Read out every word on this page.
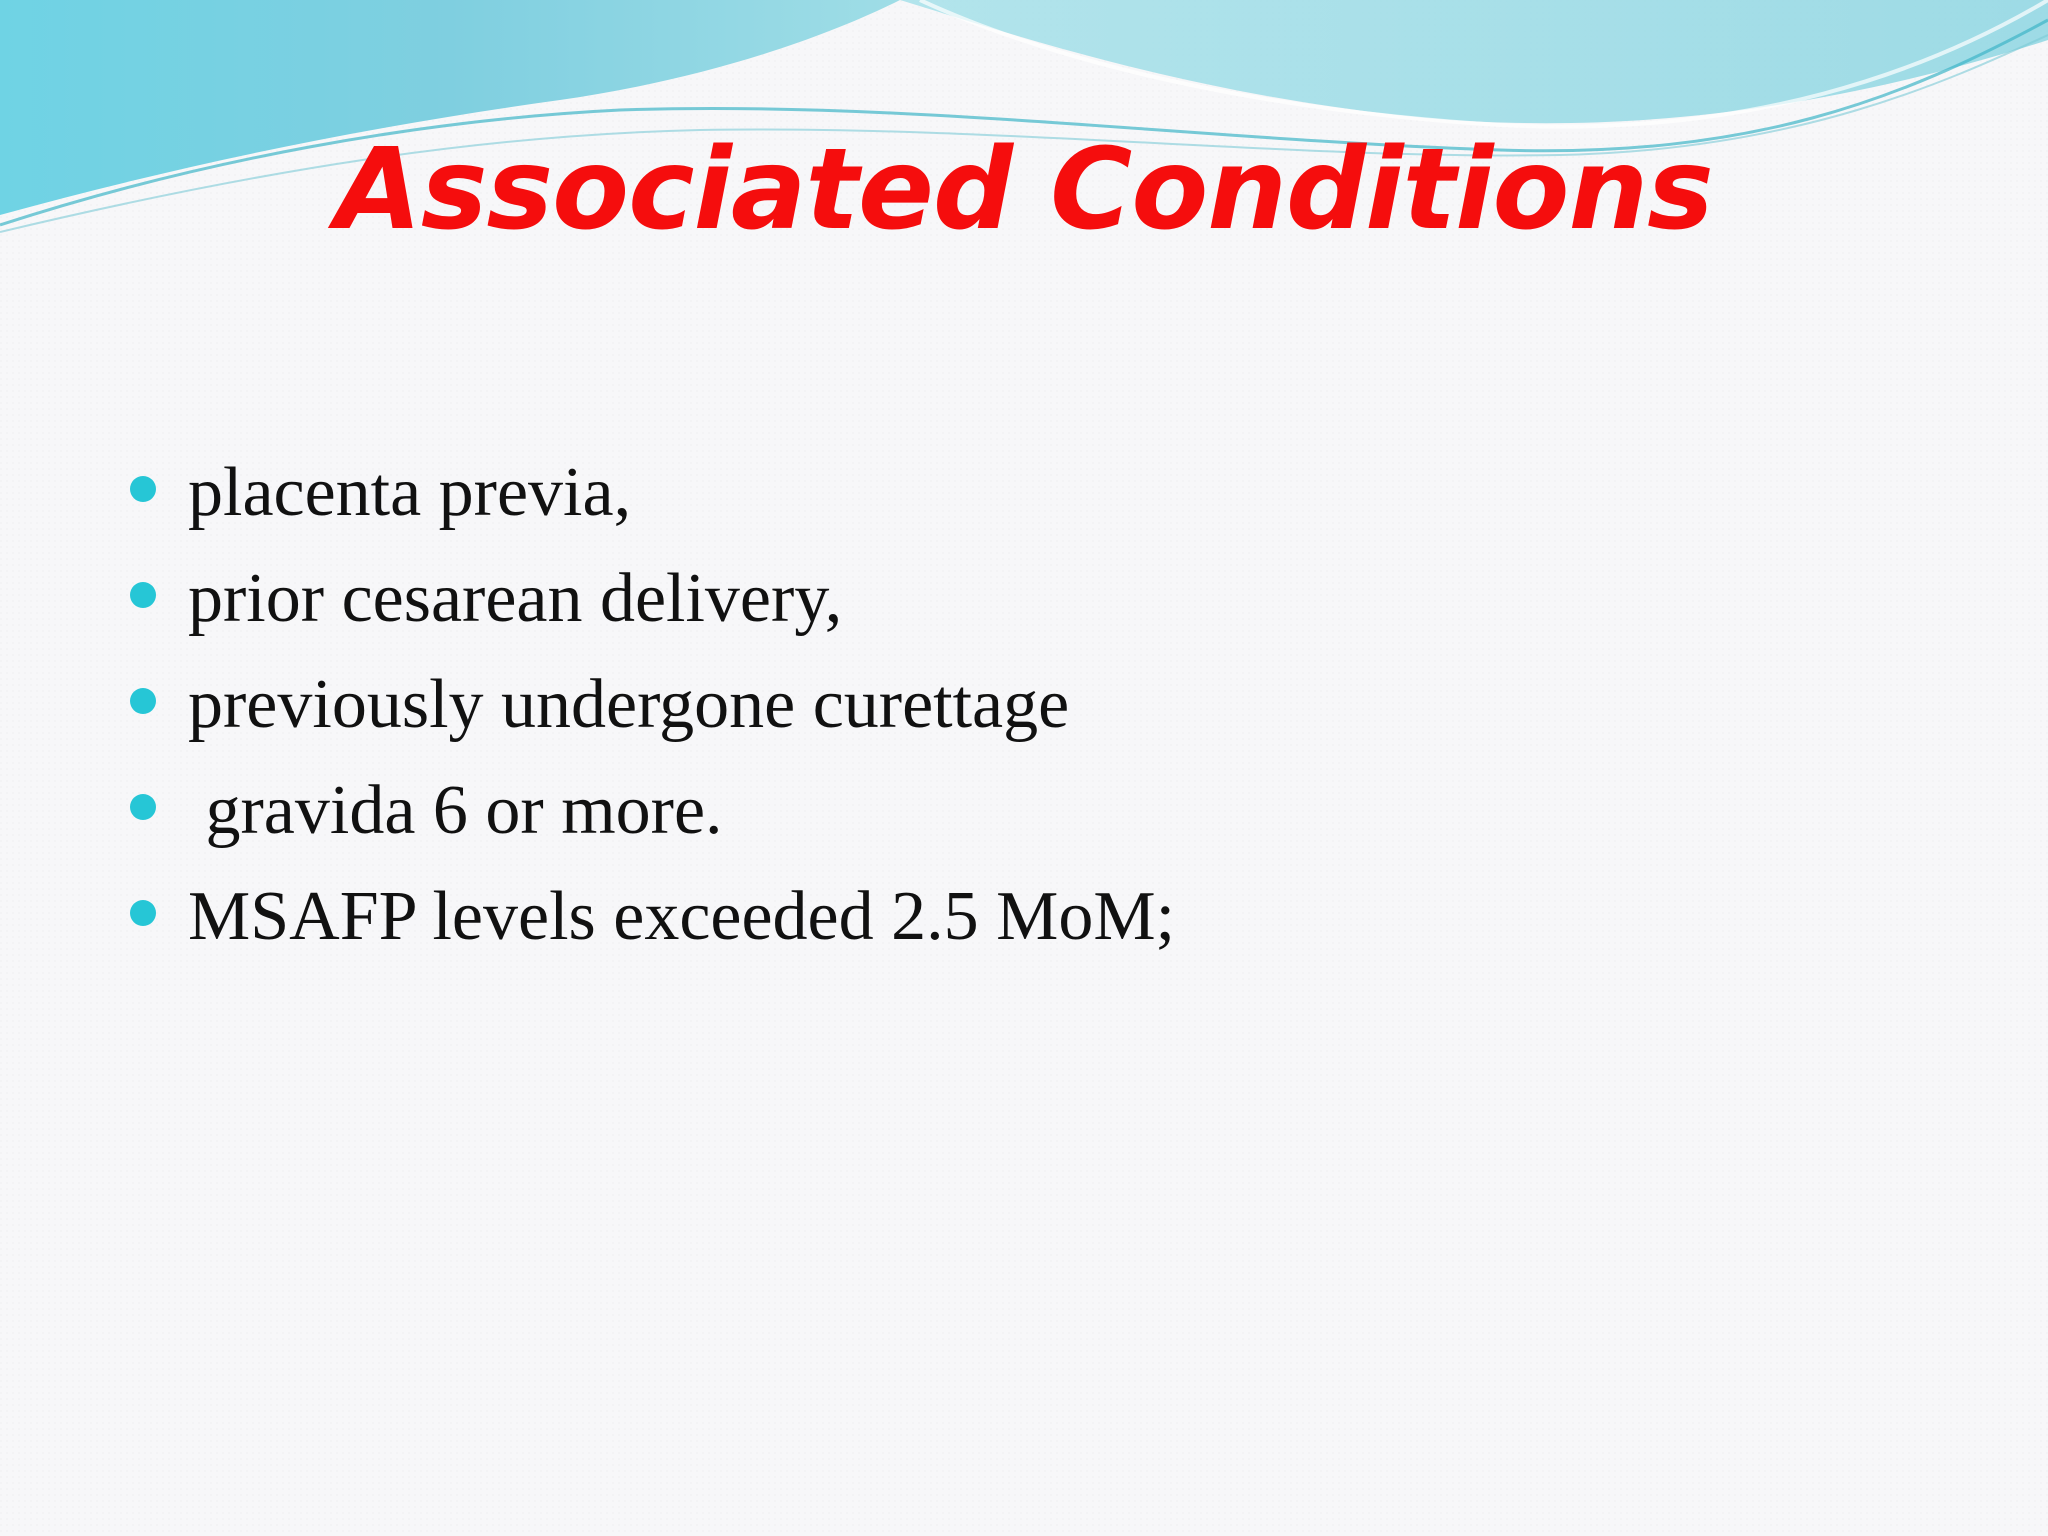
Associated Conditions
placenta previa,
prior cesarean delivery,
previously undergone curettage
gravida 6 or more.
MSAFP levels exceeded 2.5 MoM;
